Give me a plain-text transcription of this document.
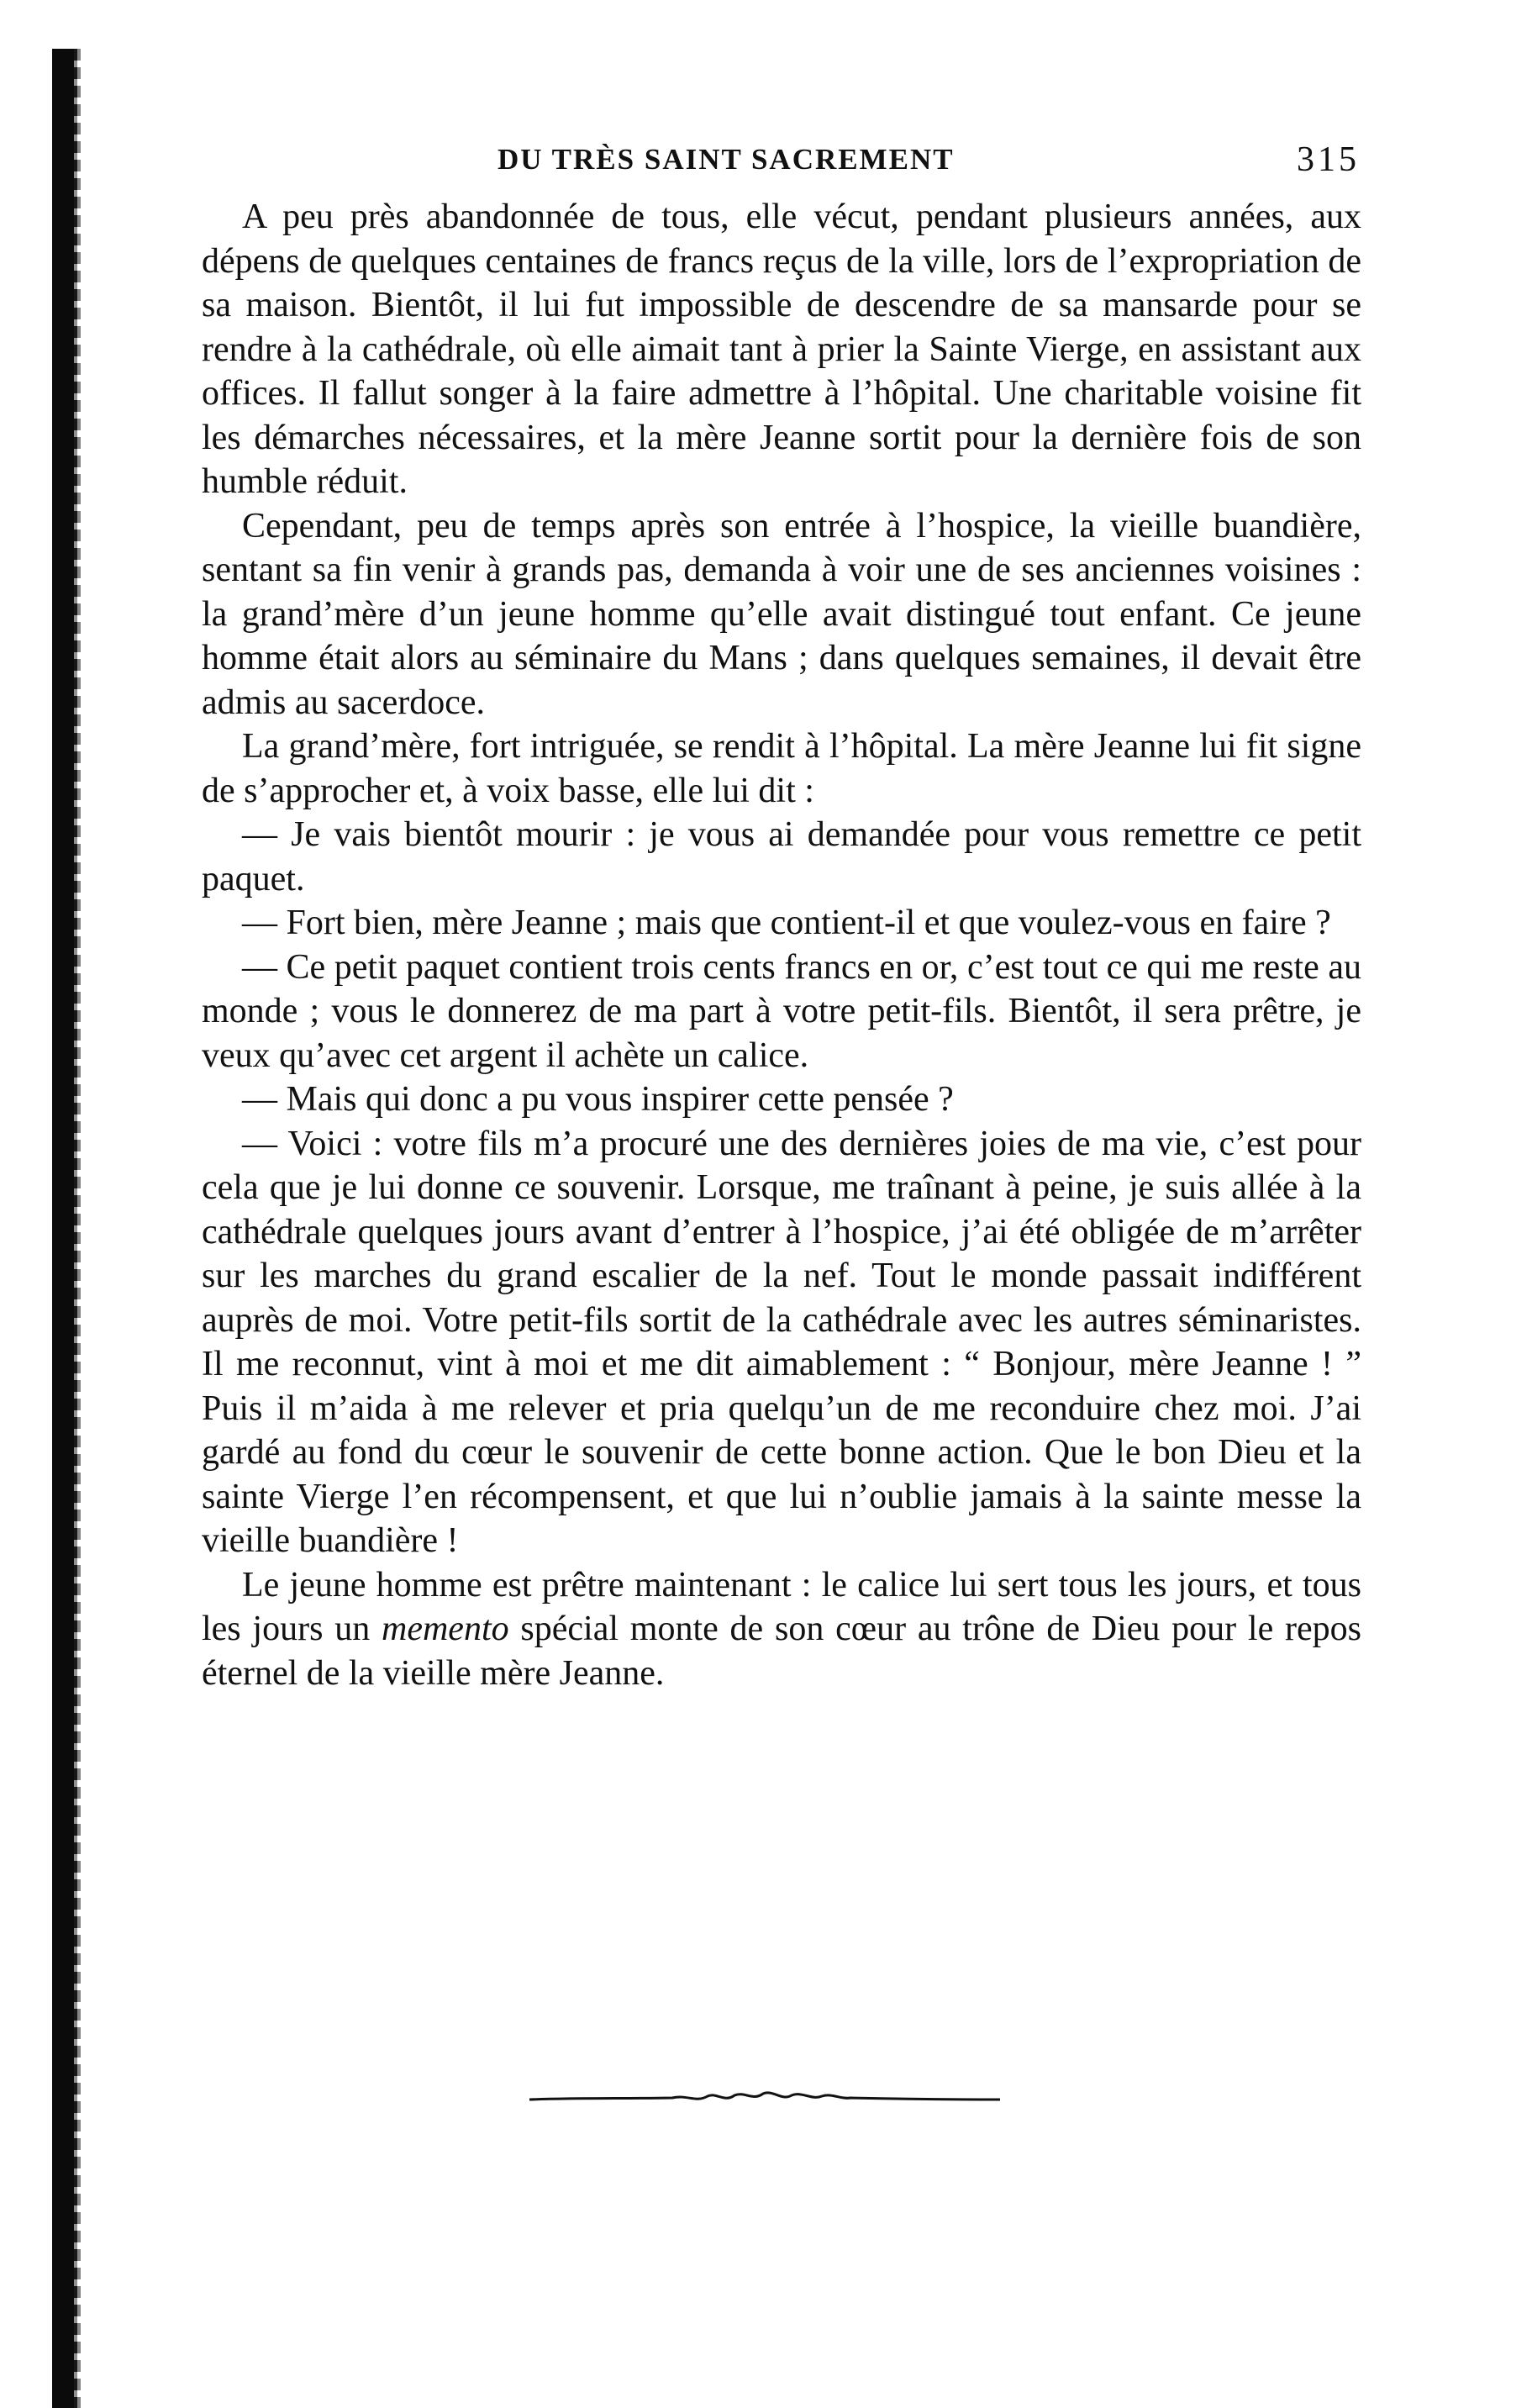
DU TRÈS SAINT SACREMENT	315

A peu près abandonnée de tous, elle vécut, pendant plusieurs années, aux dépens de quelques centaines de francs reçus de la ville, lors de l’expropriation de sa maison. Bientôt, il lui fut impossible de descendre de sa mansarde pour se rendre à la cathédrale, où elle aimait tant à prier la Sainte Vierge, en assistant aux offices. Il fallut songer à la faire admettre à l’hôpital. Une charitable voisine fit les démarches nécessaires, et la mère Jeanne sortit pour la dernière fois de son humble réduit.

Cependant, peu de temps après son entrée à l’hospice, la vieille buandière, sentant sa fin venir à grands pas, demanda à voir une de ses anciennes voisines : la grand’mère d’un jeune homme qu’elle avait distingué tout enfant. Ce jeune homme était alors au séminaire du Mans ; dans quelques semaines, il devait être admis au sacerdoce.

La grand’mère, fort intriguée, se rendit à l’hôpital. La mère Jeanne lui fit signe de s’approcher et, à voix basse, elle lui dit :

— Je vais bientôt mourir : je vous ai demandée pour vous remettre ce petit paquet.

— Fort bien, mère Jeanne ; mais que contient-il et que voulez-vous en faire ?

— Ce petit paquet contient trois cents francs en or, c’est tout ce qui me reste au monde ; vous le donnerez de ma part à votre petit-fils. Bientôt, il sera prêtre, je veux qu’avec cet argent il achète un calice.

— Mais qui donc a pu vous inspirer cette pensée ?

— Voici : votre fils m’a procuré une des dernières joies de ma vie, c’est pour cela que je lui donne ce souvenir. Lorsque, me traînant à peine, je suis allée à la cathédrale quelques jours avant d’entrer à l’hospice, j’ai été obligée de m’arrêter sur les marches du grand escalier de la nef. Tout le monde passait indifférent auprès de moi. Votre petit-fils sortit de la cathédrale avec les autres séminaristes. Il me reconnut, vint à moi et me dit aimablement : “ Bonjour, mère Jeanne ! ” Puis il m’aida à me relever et pria quelqu’un de me reconduire chez moi. J’ai gardé au fond du cœur le souvenir de cette bonne action. Que le bon Dieu et la sainte Vierge l’en récompensent, et que lui n’oublie jamais à la sainte messe la vieille buandière !

Le jeune homme est prêtre maintenant : le calice lui sert tous les jours, et tous les jours un memento spécial monte de son cœur au trône de Dieu pour le repos éternel de la vieille mère Jeanne.
